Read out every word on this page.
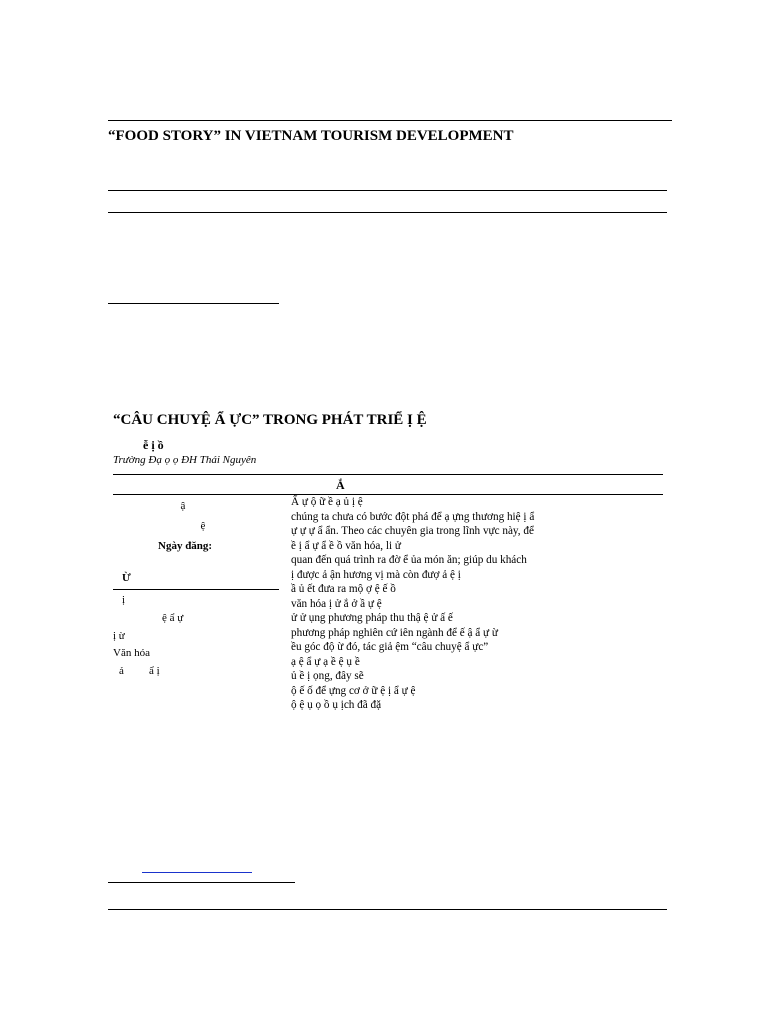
“FOOD STORY” IN VIETNAM TOURISM DEVELOPMENT
“CÂU CHUYỆ Ẩ ỰC” TRONG PHÁT TRIỂ Ị Ệ
ễ ị ồ
Trường Đạ ọ ọ ĐH Thái Nguyên
Ắ
ậ
ệ
Ngày đăng:
Ừ
ị
ệ ẩ ự
ị ừ
Văn hóa
ả ẩ ị
Ẩ ự ộ ữ ề ạ ủ ị ệ
chúng ta chưa có bước đột phá để ạ ựng thương hiệ ị ẩ
ự ự ự ẩ ẩn. Theo các chuyên gia trong lĩnh vực này, để
ề ị ẩ ự ẩ ề ồ văn hóa, li ử
quan đến quá trình ra đờ ể ủa món ăn; giúp du khách
ị được ả ận hương vị mà còn đượ ả ệ ị
ầ ủ ết đưa ra mộ ợ ệ ế ồ
văn hóa ị ử ắ ở ầ ự ệ
ử ử ụng phương pháp thu thậ ệ ử ấ ế
phương pháp nghiên cứ iên ngành để ế ậ ẩ ự ừ
ều góc độ ừ đó, tác giả ệm “câu chuyệ ẩ ực”
ạ ệ ẩ ự ạ ề ệ ụ ề
ủ ề ị ọng, đây sẽ
ộ ế ố để ựng cơ ở ữ ệ ị ẩ ự ệ
ộ ệ ụ ọ ồ ụ ịch đã đặ
